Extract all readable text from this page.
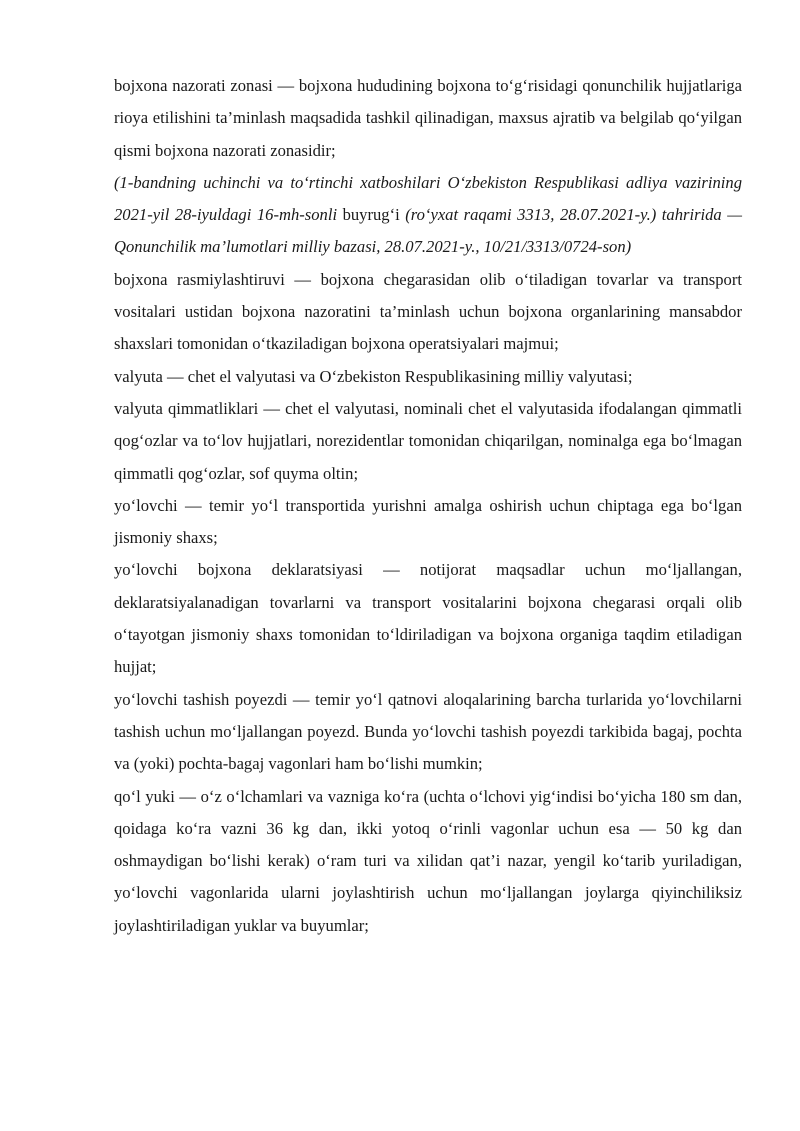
bojxona nazorati zonasi — bojxona hududining bojxona to‘g‘risidagi qonunchilik hujjatlariga rioya etilishini ta’minlash maqsadida tashkil qilinadigan, maxsus ajratib va belgilab qo‘yilgan qismi bojxona nazorati zonasidir;

(1-bandning uchinchi va to‘rtinchi xatboshilari O‘zbekiston Respublikasi adliya vazirining 2021-yil 28-iyuldagi 16-mh-sonli buyrug‘i (ro‘yxat raqami 3313, 28.07.2021-y.) tahririda — Qonunchilik ma’lumotlari milliy bazasi, 28.07.2021-y., 10/21/3313/0724-son)

bojxona rasmiylashtiruvi — bojxona chegarasidan olib o‘tiladigan tovarlar va transport vositalari ustidan bojxona nazoratini ta’minlash uchun bojxona organlarining mansabdor shaxslari tomonidan o‘tkaziladigan bojxona operatsiyalari majmui;

valyuta — chet el valyutasi va O‘zbekiston Respublikasining milliy valyutasi;

valyuta qimmatliklari — chet el valyutasi, nominali chet el valyutasida ifodalangan qimmatli qog‘ozlar va to‘lov hujjatlari, norezidentlar tomonidan chiqarilgan, nominalga ega bo‘lmagan qimmatli qog‘ozlar, sof quyma oltin;

yo‘lovchi — temir yo‘l transportida yurishni amalga oshirish uchun chiptaga ega bo‘lgan jismoniy shaxs;

yo‘lovchi bojxona deklaratsiyasi — notijorat maqsadlar uchun mo‘ljallangan, deklaratsiyalanadigan tovarlarni va transport vositalarini bojxona chegarasi orqali olib o‘tayotgan jismoniy shaxs tomonidan to‘ldiriladigan va bojxona organiga taqdim etiladigan hujjat;

yo‘lovchi tashish poyezdi — temir yo‘l qatnovi aloqalarining barcha turlarida yo‘lovchilarni tashish uchun mo‘ljallangan poyezd. Bunda yo‘lovchi tashish poyezdi tarkibida bagaj, pochta va (yoki) pochta-bagaj vagonlari ham bo‘lishi mumkin;

qo‘l yuki — o‘z o‘lchamlari va vazniga ko‘ra (uchta o‘lchovi yig‘indisi bo‘yicha 180 sm dan, qoidaga ko‘ra vazni 36 kg dan, ikki yotoq o‘rinli vagonlar uchun esa — 50 kg dan oshmaydigan bo‘lishi kerak) o‘ram turi va xilidan qat’i nazar, yengil ko‘tarib yuriladigan, yo‘lovchi vagonlarida ularni joylashtirish uchun mo‘ljallangan joylarga qiyinchiliksiz joylashtiriladigan yuklar va buyumlar;
